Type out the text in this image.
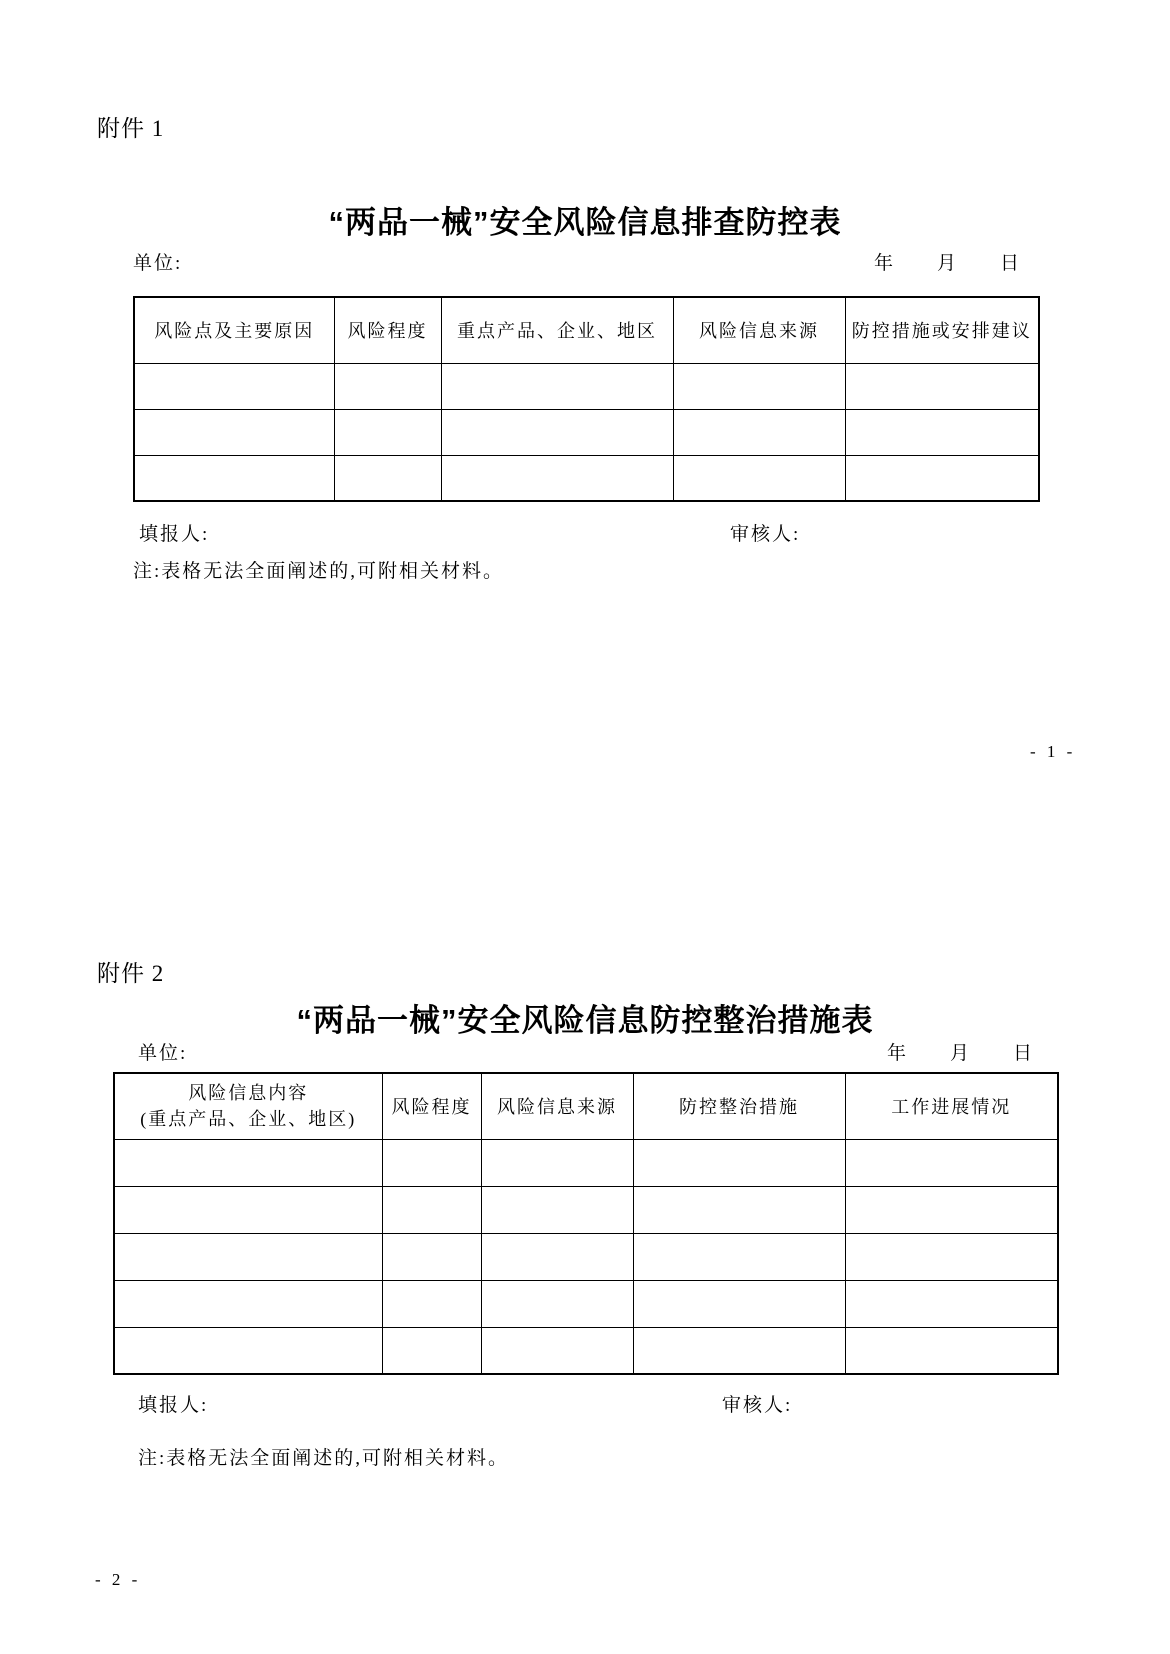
附件 1
“两品一械”安全风险信息排查防控表
单位:	年 月 日
风险点及主要原因	风险程度	重点产品、企业、地区	风险信息来源	防控措施或安排建议

填报人:	审核人:
注:表格无法全面阐述的,可附相关材料。
- 1 -
附件 2
“两品一械”安全风险信息防控整治措施表
单位:	年 月 日
风险信息内容
(重点产品、企业、地区)	风险程度	风险信息来源	防控整治措施	工作进展情况

填报人:	审核人:
注:表格无法全面阐述的,可附相关材料。
- 2 -
